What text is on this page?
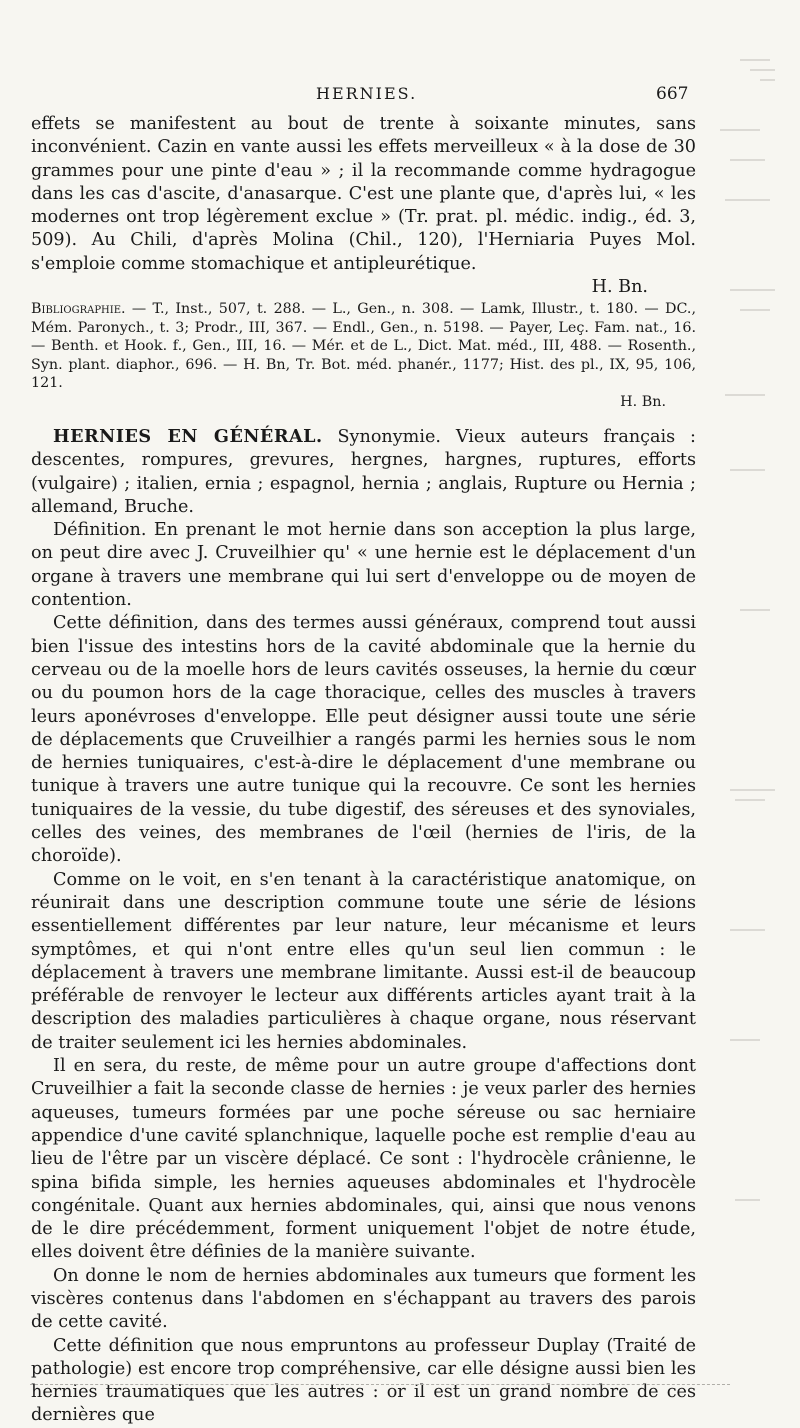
HERNIES.	667

effets se manifestent au bout de trente à soixante minutes, sans inconvénient. Cazin en vante aussi les effets merveilleux « à la dose de 30 grammes pour une pinte d'eau » ; il la recommande comme hydragogue dans les cas d'ascite, d'anasarque. C'est une plante que, d'après lui, « les modernes ont trop légèrement exclue » (Tr. prat. pl. médic. indig., éd. 3, 509). Au Chili, d'après Molina (Chil., 120), l'Herniaria Puyes Mol. s'emploie comme stomachique et antipleurétique.

H. Bn.
Bibliographie. — T., Inst., 507, t. 288. — L., Gen., n. 308. — Lamk, Illustr., t. 180. — DC., Mém. Paronych., t. 3; Prodr., III, 367. — Endl., Gen., n. 5198. — Payer, Leç. Fam. nat., 16. — Benth. et Hook. f., Gen., III, 16. — Mér. et de L., Dict. Mat. méd., III, 488. — Rosenth., Syn. plant. diaphor., 696. — H. Bn, Tr. Bot. méd. phanér., 1177; Hist. des pl., IX, 95, 106, 121.
H. Bn.

HERNIES EN GÉNÉRAL. Synonymie. Vieux auteurs français : descentes, rompures, grevures, hergnes, hargnes, ruptures, efforts (vulgaire) ; italien, ernia ; espagnol, hernia ; anglais, Rupture ou Hernia ; allemand, Bruche.

Définition. En prenant le mot hernie dans son acception la plus large, on peut dire avec J. Cruveilhier qu' « une hernie est le déplacement d'un organe à travers une membrane qui lui sert d'enveloppe ou de moyen de contention.

Cette définition, dans des termes aussi généraux, comprend tout aussi bien l'issue des intestins hors de la cavité abdominale que la hernie du cerveau ou de la moelle hors de leurs cavités osseuses, la hernie du cœur ou du poumon hors de la cage thoracique, celles des muscles à travers leurs aponévroses d'enveloppe. Elle peut désigner aussi toute une série de déplacements que Cruveilhier a rangés parmi les hernies sous le nom de hernies tuniquaires, c'est-à-dire le déplacement d'une membrane ou tunique à travers une autre tunique qui la recouvre. Ce sont les hernies tuniquaires de la vessie, du tube digestif, des séreuses et des synoviales, celles des veines, des membranes de l'œil (hernies de l'iris, de la choroïde).

Comme on le voit, en s'en tenant à la caractéristique anatomique, on réunirait dans une description commune toute une série de lésions essentiellement différentes par leur nature, leur mécanisme et leurs symptômes, et qui n'ont entre elles qu'un seul lien commun : le déplacement à travers une membrane limitante. Aussi est-il de beaucoup préférable de renvoyer le lecteur aux différents articles ayant trait à la description des maladies particulières à chaque organe, nous réservant de traiter seulement ici les hernies abdominales.

Il en sera, du reste, de même pour un autre groupe d'affections dont Cruveilhier a fait la seconde classe de hernies : je veux parler des hernies aqueuses, tumeurs formées par une poche séreuse ou sac herniaire appendice d'une cavité splanchnique, laquelle poche est remplie d'eau au lieu de l'être par un viscère déplacé. Ce sont : l'hydrocèle crânienne, le spina bifida simple, les hernies aqueuses abdominales et l'hydrocèle congénitale. Quant aux hernies abdominales, qui, ainsi que nous venons de le dire précédemment, forment uniquement l'objet de notre étude, elles doivent être définies de la manière suivante.

On donne le nom de hernies abdominales aux tumeurs que forment les viscères contenus dans l'abdomen en s'échappant au travers des parois de cette cavité.

Cette définition que nous empruntons au professeur Duplay (Traité de pathologie) est encore trop compréhensive, car elle désigne aussi bien les hernies traumatiques que les autres : or il est un grand nombre de ces dernières que
